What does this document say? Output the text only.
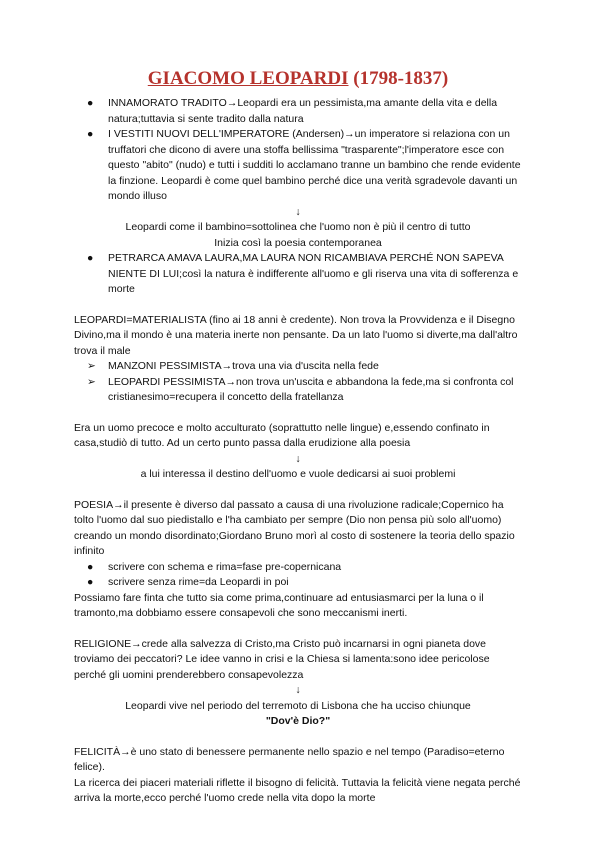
GIACOMO LEOPARDI (1798-1837)
●	INNAMORATO TRADITO→Leopardi era un pessimista,ma amante della vita e della natura;tuttavia si sente tradito dalla natura
●	I VESTITI NUOVI DELL'IMPERATORE (Andersen)→un imperatore si relaziona con un truffatori che dicono di avere una stoffa bellissima "trasparente";l'imperatore esce con questo "abito" (nudo) e tutti i sudditi lo acclamano tranne un bambino che rende evidente la finzione. Leopardi è come quel bambino perché dice una verità sgradevole davanti un mondo illuso

↓

Leopardi come il bambino=sottolinea che l'uomo non è più il centro di tutto

Inizia così la poesia contemporanea

●	PETRARCA AMAVA LAURA,MA LAURA NON RICAMBIAVA PERCHÉ NON SAPEVA NIENTE DI LUI;così la natura è indifferente all'uomo e gli riserva una vita di sofferenza e morte

LEOPARDI=MATERIALISTA (fino ai 18 anni è credente). Non trova la Provvidenza e il Disegno Divino,ma il mondo è una materia inerte non pensante. Da un lato l'uomo si diverte,ma dall'altro trova il male

➢	MANZONI PESSIMISTA→trova una via d'uscita nella fede
➢	LEOPARDI PESSIMISTA→non trova un'uscita e abbandona la fede,ma si confronta col cristianesimo=recupera il concetto della fratellanza

Era un uomo precoce e molto acculturato (soprattutto nelle lingue) e,essendo confinato in casa,studiò di tutto. Ad un certo punto passa dalla erudizione alla poesia

↓

a lui interessa il destino dell'uomo e vuole dedicarsi ai suoi problemi

POESIA→il presente è diverso dal passato a causa di una rivoluzione radicale;Copernico ha tolto l'uomo dal suo piedistallo e l'ha cambiato per sempre (Dio non pensa più solo all'uomo) creando un mondo disordinato;Giordano Bruno morì al costo di sostenere la teoria dello spazio infinito

●	scrivere con schema e rima=fase pre-copernicana
●	scrivere senza rime=da Leopardi in poi

Possiamo fare finta che tutto sia come prima,continuare ad entusiasmarci per la luna o il tramonto,ma dobbiamo essere consapevoli che sono meccanismi inerti.

RELIGIONE→crede alla salvezza di Cristo,ma Cristo può incarnarsi in ogni pianeta dove troviamo dei peccatori? Le idee vanno in crisi e la Chiesa si lamenta:sono idee pericolose perché gli uomini prenderebbero consapevolezza

↓

Leopardi vive nel periodo del terremoto di Lisbona che ha ucciso chiunque

"Dov'è Dio?"

FELICITÀ→è uno stato di benessere permanente nello spazio e nel tempo (Paradiso=eterno felice).

La ricerca dei piaceri materiali riflette il bisogno di felicità. Tuttavia la felicità viene negata perché arriva la morte,ecco perché l'uomo crede nella vita dopo la morte
